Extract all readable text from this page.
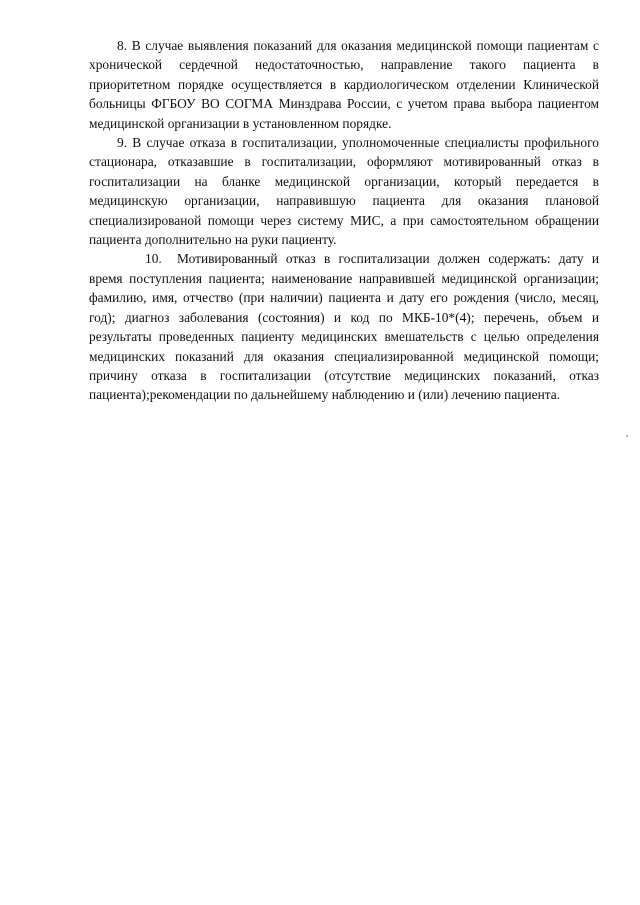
8. В случае выявления показаний для оказания медицинской помощи пациентам с хронической сердечной недостаточностью, направление такого пациента в приоритетном порядке осуществляется в кардиологическом отделении Клинической больницы ФГБОУ ВО СОГМА Минздрава России, с учетом права выбора пациентом медицинской организации в установленном порядке.

9. В случае отказа в госпитализации, уполномоченные специалисты профильного стационара, отказавшие в госпитализации, оформляют мотивированный отказ в госпитализации на бланке медицинской организации, который передается в медицинскую организации, направившую пациента для оказания плановой специализированой помощи через систему МИС, а при самостоятельном обращении пациента дополнительно на руки пациенту.

10. Мотивированный отказ в госпитализации должен содержать: дату и время поступления пациента; наименование направившей медицинской организации; фамилию, имя, отчество (при наличии) пациента и дату его рождения (число, месяц, год); диагноз заболевания (состояния) и код по МКБ-10*(4); перечень, объем и результаты проведенных пациенту медицинских вмешательств с целью определения медицинских показаний для оказания специализированной медицинской помощи; причину отказа в госпитализации (отсутствие медицинских показаний, отказ пациента);рекомендации по дальнейшему наблюдению и (или) лечению пациента.
